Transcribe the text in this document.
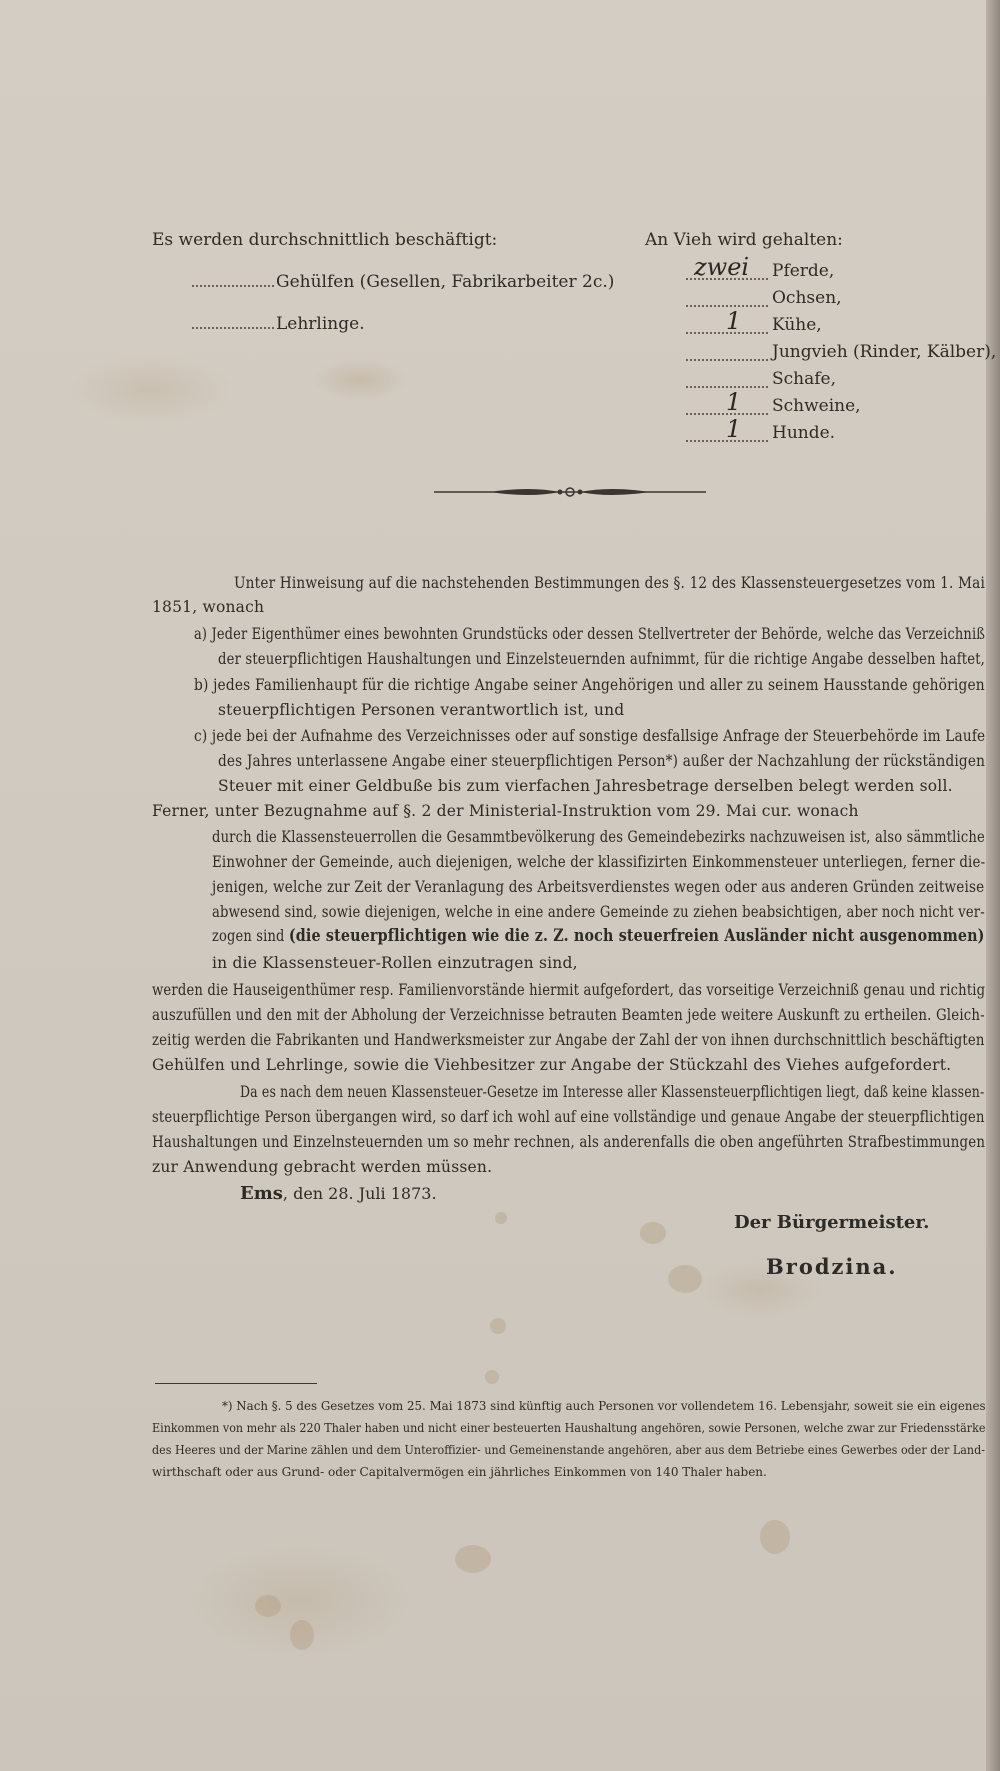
Es werden durchschnittlich beschäftigt:
Gehülfen (Gesellen, Fabrikarbeiter 2c.)
Lehrlinge.
An Vieh wird gehalten:
zwei Pferde,
Ochsen,
1 Kühe,
Jungvieh (Rinder, Kälber),
Schafe,
1 Schweine,
1 Hunde.
Unter Hinweisung auf die nachstehenden Bestimmungen des §. 12 des Klassensteuergesetzes vom 1. Mai
1851, wonach
a) Jeder Eigenthümer eines bewohnten Grundstücks oder dessen Stellvertreter der Behörde, welche das Verzeichniß
der steuerpflichtigen Haushaltungen und Einzelsteuernden aufnimmt, für die richtige Angabe desselben haftet,
b) jedes Familienhaupt für die richtige Angabe seiner Angehörigen und aller zu seinem Hausstande gehörigen
steuerpflichtigen Personen verantwortlich ist, und
c) jede bei der Aufnahme des Verzeichnisses oder auf sonstige desfallsige Anfrage der Steuerbehörde im Laufe
des Jahres unterlassene Angabe einer steuerpflichtigen Person*) außer der Nachzahlung der rückständigen
Steuer mit einer Geldbuße bis zum vierfachen Jahresbetrage derselben belegt werden soll.
Ferner, unter Bezugnahme auf §. 2 der Ministerial-Instruktion vom 29. Mai cur. wonach
durch die Klassensteuerrollen die Gesammtbevölkerung des Gemeindebezirks nachzuweisen ist, also sämmtliche
Einwohner der Gemeinde, auch diejenigen, welche der klassifizirten Einkommensteuer unterliegen, ferner die-
jenigen, welche zur Zeit der Veranlagung des Arbeitsverdienstes wegen oder aus anderen Gründen zeitweise
abwesend sind, sowie diejenigen, welche in eine andere Gemeinde zu ziehen beabsichtigen, aber noch nicht ver-
zogen sind (die steuerpflichtigen wie die z. Z. noch steuerfreien Ausländer nicht ausgenommen)
in die Klassensteuer-Rollen einzutragen sind,
werden die Hauseigenthümer resp. Familienvorstände hiermit aufgefordert, das vorseitige Verzeichniß genau und richtig
auszufüllen und den mit der Abholung der Verzeichnisse betrauten Beamten jede weitere Auskunft zu ertheilen. Gleich-
zeitig werden die Fabrikanten und Handwerksmeister zur Angabe der Zahl der von ihnen durchschnittlich beschäftigten
Gehülfen und Lehrlinge, sowie die Viehbesitzer zur Angabe der Stückzahl des Viehes aufgefordert.
Da es nach dem neuen Klassensteuer-Gesetze im Interesse aller Klassensteuerpflichtigen liegt, daß keine klassen-
steuerpflichtige Person übergangen wird, so darf ich wohl auf eine vollständige und genaue Angabe der steuerpflichtigen
Haushaltungen und Einzelnsteuernden um so mehr rechnen, als anderenfalls die oben angeführten Strafbestimmungen
zur Anwendung gebracht werden müssen.
Ems, den 28. Juli 1873.
Der Bürgermeister.
Brodzina.
*) Nach §. 5 des Gesetzes vom 25. Mai 1873 sind künftig auch Personen vor vollendetem 16. Lebensjahr, soweit sie ein eigenes
Einkommen von mehr als 220 Thaler haben und nicht einer besteuerten Haushaltung angehören, sowie Personen, welche zwar zur Friedensstärke
des Heeres und der Marine zählen und dem Unteroffizier- und Gemeinenstande angehören, aber aus dem Betriebe eines Gewerbes oder der Land-
wirthschaft oder aus Grund- oder Capitalvermögen ein jährliches Einkommen von 140 Thaler haben.
